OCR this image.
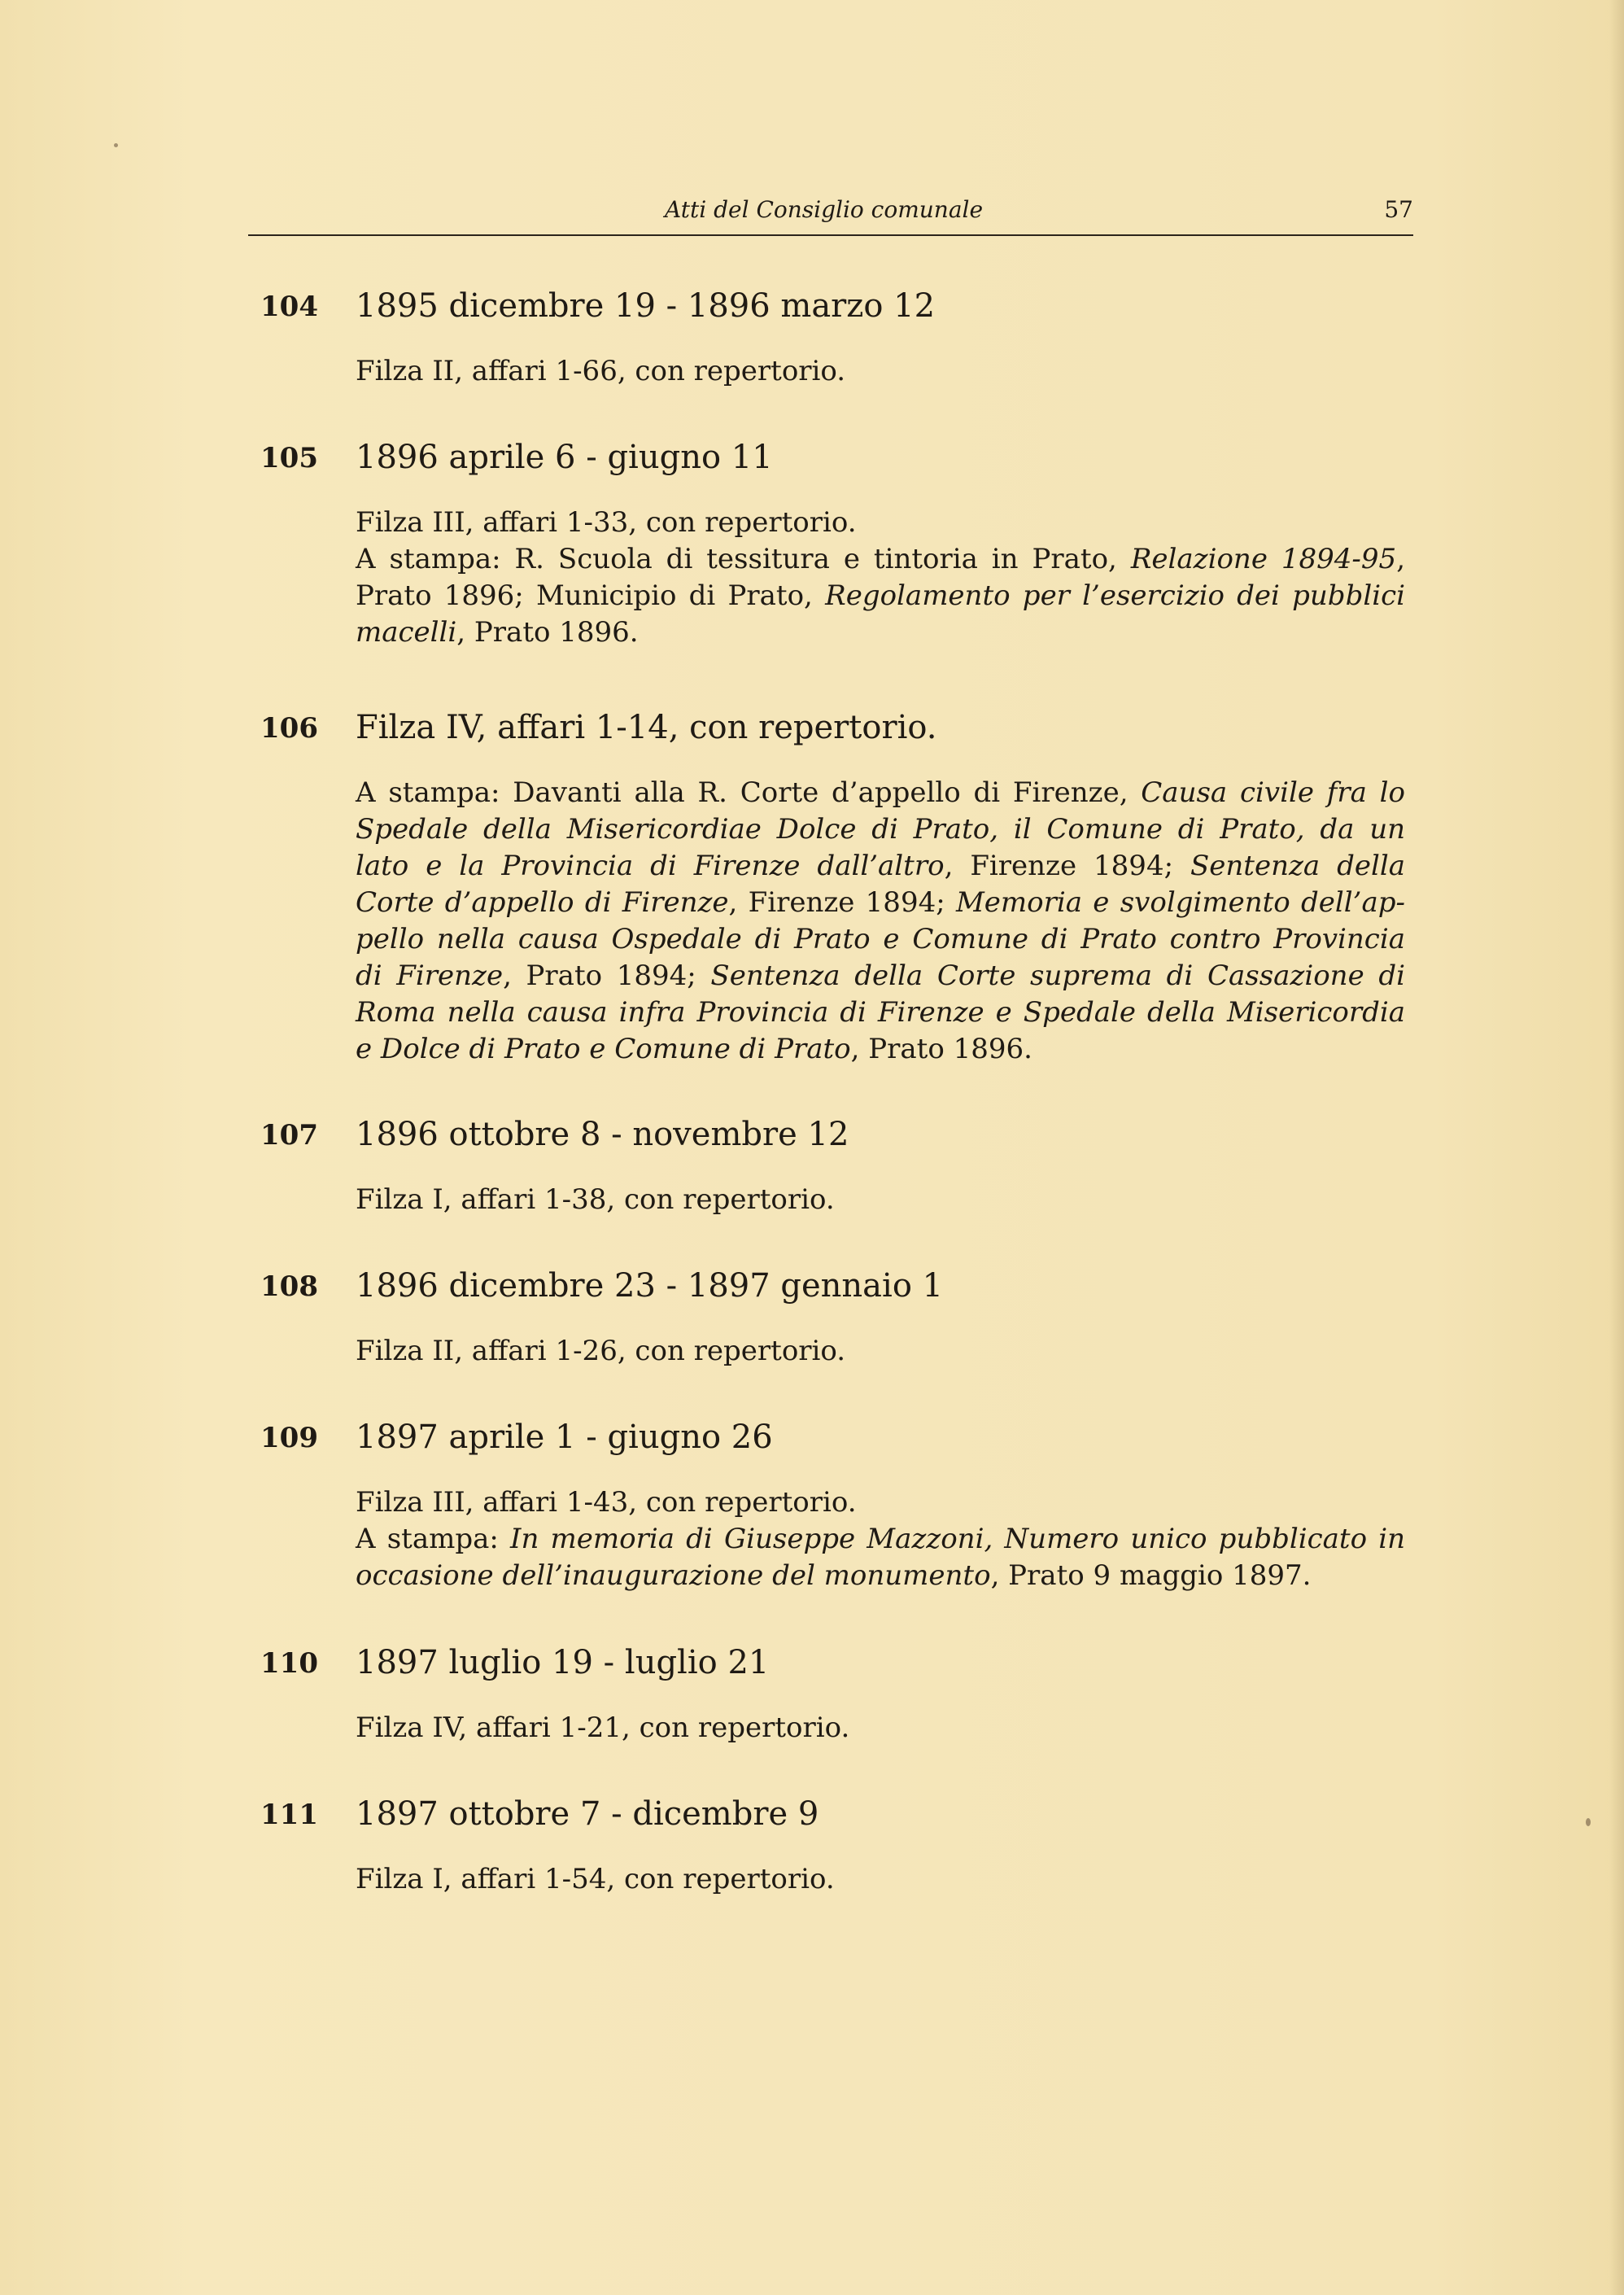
Atti del Consiglio comunale	57
104 1895 dicembre 19 - 1896 marzo 12
Filza II, affari 1-66, con repertorio.
105 1896 aprile 6 - giugno 11
Filza III, affari 1-33, con repertorio.
A stampa: R. Scuola di tessitura e tintoria in Prato, Relazione 1894-95,
Prato 1896; Municipio di Prato, Regolamento per l’esercizio dei pubblici
macelli, Prato 1896.
106 Filza IV, affari 1-14, con repertorio.
A stampa: Davanti alla R. Corte d’appello di Firenze, Causa civile fra lo
Spedale della Misericordiae Dolce di Prato, il Comune di Prato, da un
lato e la Provincia di Firenze dall’altro, Firenze 1894; Sentenza della
Corte d’appello di Firenze, Firenze 1894; Memoria e svolgimento dell’ap-
pello nella causa Ospedale di Prato e Comune di Prato contro Provincia
di Firenze, Prato 1894; Sentenza della Corte suprema di Cassazione di
Roma nella causa infra Provincia di Firenze e Spedale della Misericordia
e Dolce di Prato e Comune di Prato, Prato 1896.
107 1896 ottobre 8 - novembre 12
Filza I, affari 1-38, con repertorio.
108 1896 dicembre 23 - 1897 gennaio 1
Filza II, affari 1-26, con repertorio.
109 1897 aprile 1 - giugno 26
Filza III, affari 1-43, con repertorio.
A stampa: In memoria di Giuseppe Mazzoni, Numero unico pubblicato in
occasione dell’inaugurazione del monumento, Prato 9 maggio 1897.
110 1897 luglio 19 - luglio 21
Filza IV, affari 1-21, con repertorio.
111 1897 ottobre 7 - dicembre 9
Filza I, affari 1-54, con repertorio.
